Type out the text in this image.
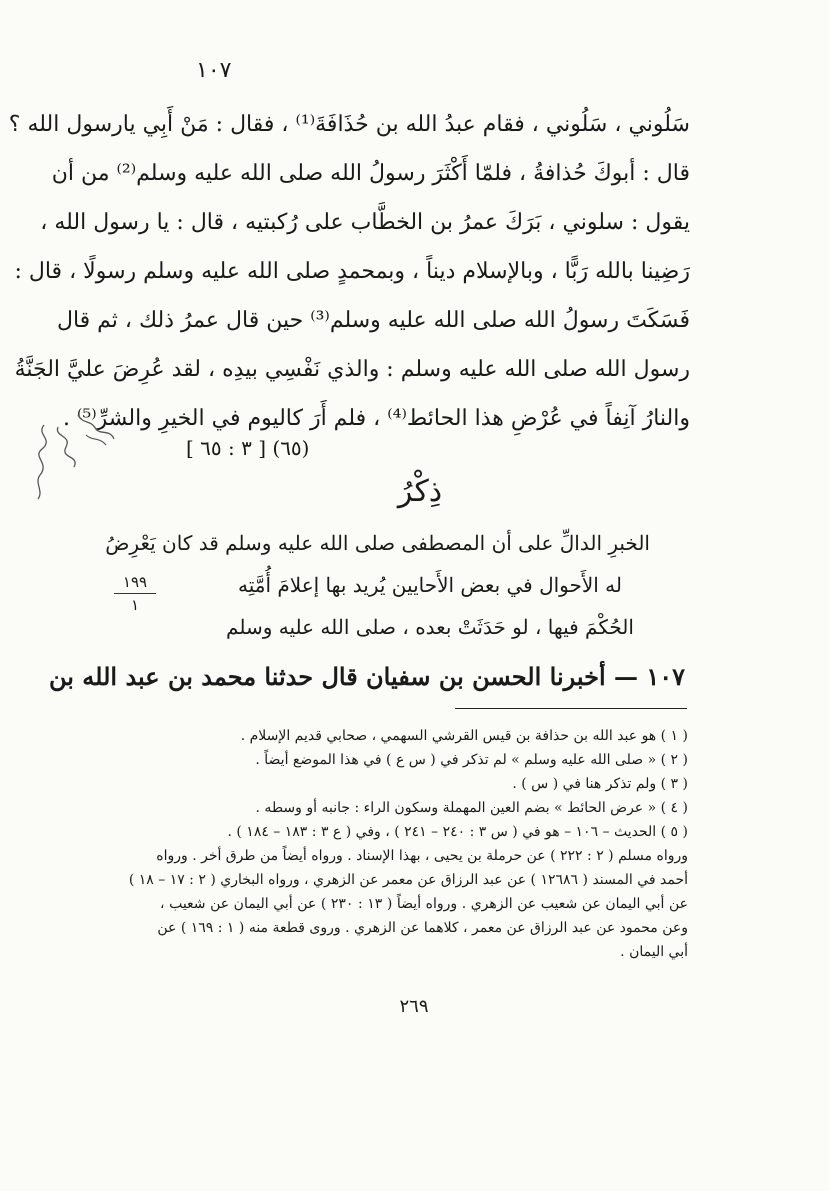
١٠٧
سَلُوني ، سَلُوني ، فقام عبدُ الله بن حُذَافَةَ⁽¹⁾ ، فقال : مَنْ أَبِي يارسول الله ؟
قال : أبوكَ حُذافةُ ، فلمّا أَكْثَرَ رسولُ الله صلى الله عليه وسلم⁽²⁾ من أن
يقول : سلوني ، بَرَكَ عمرُ بن الخطَّاب على رُكبتيه ، قال : يا رسول الله ،
رَضِينا بالله رَبًّا ، وبالإسلام ديناً ، وبمحمدٍ صلى الله عليه وسلم رسولًا ، قال :
فَسَكَتَ رسولُ الله صلى الله عليه وسلم⁽³⁾ حين قال عمرُ ذلك ، ثم قال
رسول الله صلى الله عليه وسلم : والذي نَفْسِي بيدِه ، لقد عُرِضَ عليَّ الجَنَّةُ
والنارُ آنِفاً في عُرْضِ هذا الحائط⁽⁴⁾ ، فلم أَرَ كاليوم في الخيرِ والشرِّ⁽⁵⁾ .
(٦٥) [ ٣ : ٦٥ ]
ذِكْرُ
الخبرِ الدالِّ على أن المصطفى صلى الله عليه وسلم قد كان يَعْرِضُ
له الأَحوال في بعض الأَحايين يُريد بها إعلامَ أُمَّتِه
الحُكْمَ فيها ، لو حَدَثَتْ بعده ، صلى الله عليه وسلم
١٩٩
١
١٠٧ — أخبرنا الحسن بن سفيان قال حدثنا محمد بن عبد الله بن
( ١ ) هو عبد الله بن حذافة بن قيس القرشي السهمي ، صحابي قديم الإسلام .
( ٢ ) « صلى الله عليه وسلم » لم تذكر في ( س ع ) في هذا الموضع أيضاً .
( ٣ ) ولم تذكر هنا في ( س ) .
( ٤ ) « عرض الحائط » بضم العين المهملة وسكون الراء : جانبه أو وسطه .
( ٥ ) الحديث – ١٠٦ – هو في ( س ٣ : ٢٤٠ – ٢٤١ ) ، وفي ( ع ٣ : ١٨٣ – ١٨٤ ) .
ورواه مسلم ( ٢ : ٢٢٢ ) عن حرملة بن يحيى ، بهذا الإسناد . ورواه أيضاً من طرق أخر . ورواه
أحمد في المسند ( ١٢٦٨٦ ) عن عبد الرزاق عن معمر عن الزهري ، ورواه البخاري ( ٢ : ١٧ – ١٨ )
عن أبي اليمان عن شعيب عن الزهري . ورواه أيضاً ( ١٣ : ٢٣٠ ) عن أبي اليمان عن شعيب ،
وعن محمود عن عبد الرزاق عن معمر ، كلاهما عن الزهري . وروى قطعة منه ( ١ : ١٦٩ ) عن
أبي اليمان .
٢٦٩
